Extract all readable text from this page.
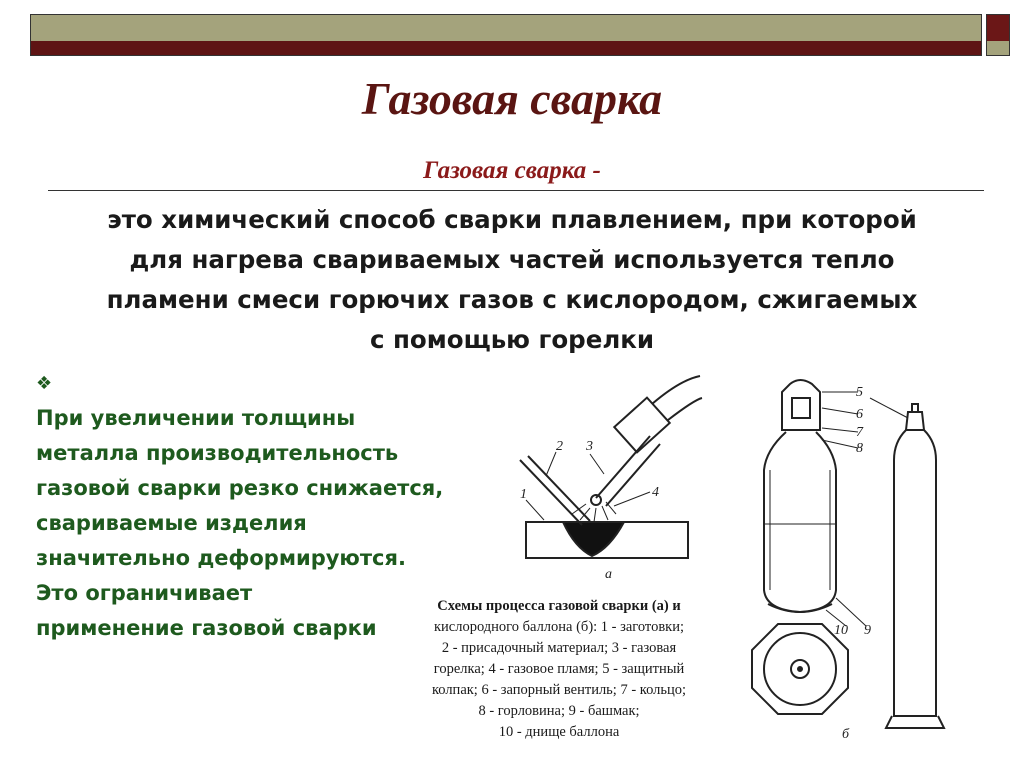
Газовая сварка
Газовая сварка -
это химический способ сварки плавлением, при которой
для нагрева свариваемых частей используется тепло
пламени смеси горючих газов с кислородом, сжигаемых
с помощью горелки
❖
При увеличении толщины
металла производительность
газовой сварки резко снижается,
свариваемые изделия
значительно деформируются.
Это ограничивает
применение газовой сварки
1
2 3
4
а
5
6
7
8
9
10
б
Схемы процесса газовой сварки (а) и
кислородного баллона (б): 1 - заготовки;
2 - присадочный материал; 3 - газовая
горелка; 4 - газовое пламя; 5 - защитный
колпак; 6 - запорный вентиль; 7 - кольцо;
8 - горловина; 9 - башмак;
10 - днище баллона
